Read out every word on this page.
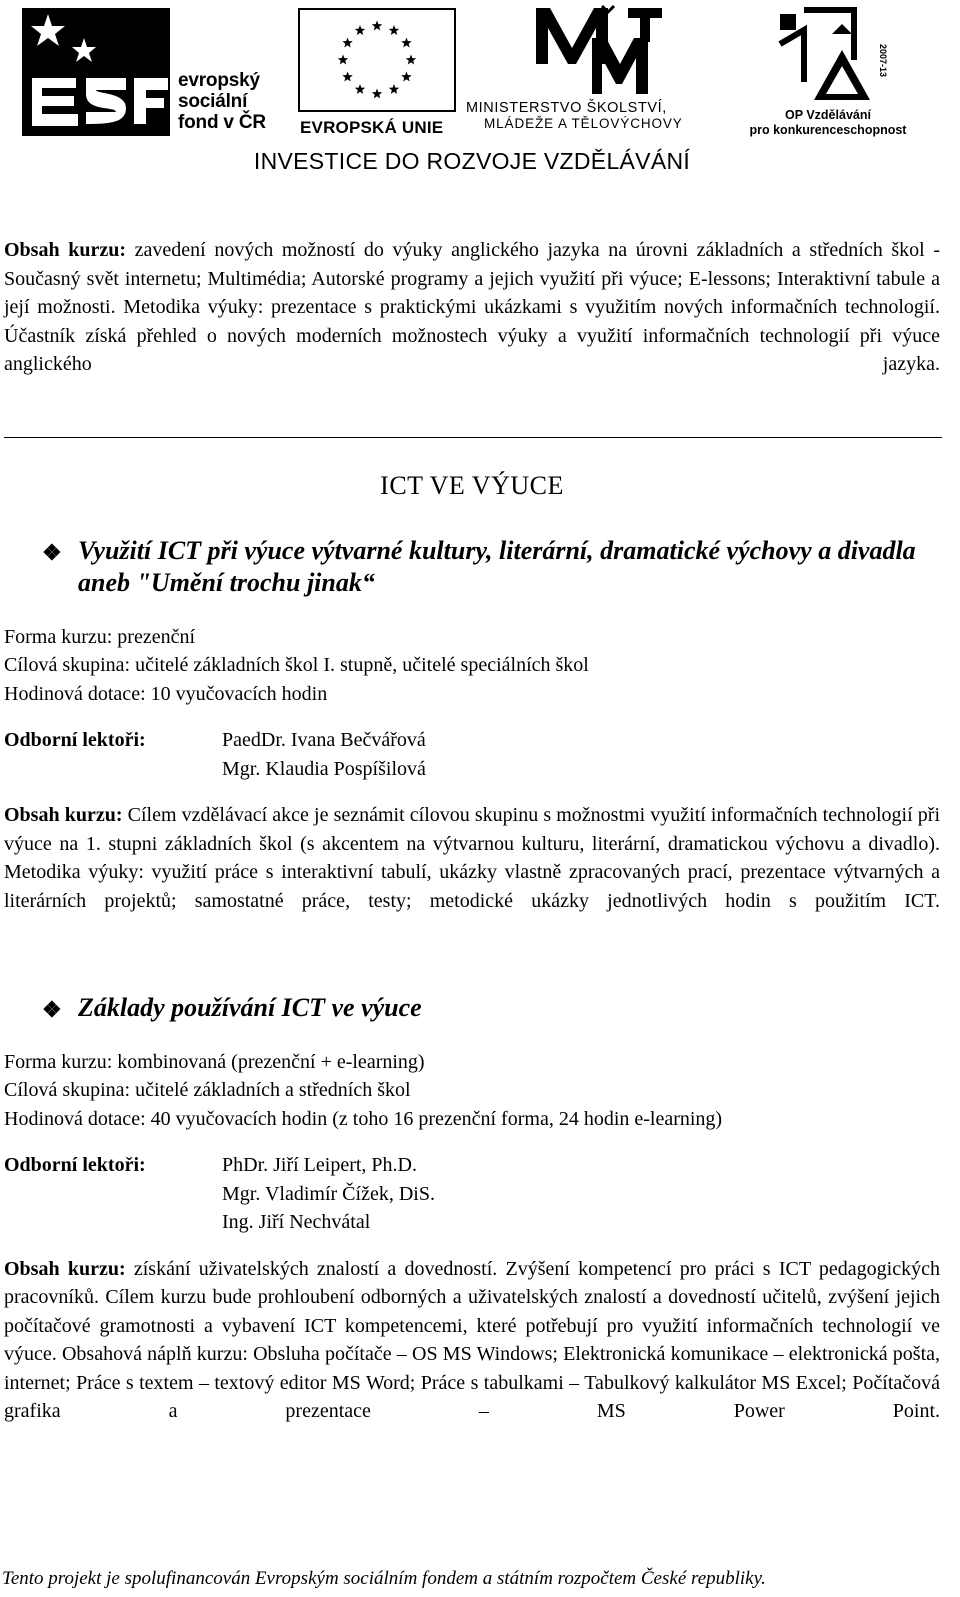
evropský
sociální
fond v ČR EVROPSKÁ UNIE
MINISTERSTVO ŠKOLSTVÍ,
MLÁDEŽE A TĚLOVÝCHOVY
2007-13
OP Vzdělávání
pro konkurenceschopnost
INVESTICE DO ROZVOJE VZDĚLÁVÁNÍ

Obsah kurzu: zavedení nových možností do výuky anglického jazyka na úrovni základních a středních škol - Současný svět internetu; Multimédia; Autorské programy a jejich využití při výuce; E-lessons; Interaktivní tabule a její možnosti. Metodika výuky: prezentace s praktickými ukázkami s využitím nových informačních technologií. Účastník získá přehled o nových moderních možnostech výuky a využití informačních technologií při výuce anglického jazyka.

ICT VE VÝUCE
❖ Využití ICT při výuce výtvarné kultury, literární, dramatické výchovy a divadla aneb "Umění trochu jinak“

Forma kurzu: prezenční

Cílová skupina: učitelé základních škol I. stupně, učitelé speciálních škol

Hodinová dotace: 10 vyučovacích hodin

Odborní lektoři:	PaedDr. Ivana Bečvářová

Mgr. Klaudia Pospíšilová

Obsah kurzu: Cílem vzdělávací akce je seznámit cílovou skupinu s možnostmi využití informačních technologií při výuce na 1. stupni základních škol (s akcentem na výtvarnou kulturu, literární, dramatickou výchovu a divadlo). Metodika výuky: využití práce s interaktivní tabulí, ukázky vlastně zpracovaných prací, prezentace výtvarných a literárních projektů; samostatné práce, testy; metodické ukázky jednotlivých hodin s použitím ICT.

❖ Základy používání ICT ve výuce

Forma kurzu: kombinovaná (prezenční + e-learning)

Cílová skupina: učitelé základních a středních škol

Hodinová dotace: 40 vyučovacích hodin (z toho 16 prezenční forma, 24 hodin e-learning)

Odborní lektoři:	PhDr. Jiří Leipert, Ph.D.

Mgr. Vladimír Čížek, DiS.

Ing. Jiří Nechvátal

Obsah kurzu: získání uživatelských znalostí a dovedností. Zvýšení kompetencí pro práci s ICT pedagogických pracovníků. Cílem kurzu bude prohloubení odborných a uživatelských znalostí a dovedností učitelů, zvýšení jejich počítačové gramotnosti a vybavení ICT kompetencemi, které potřebují pro využití informačních technologií ve výuce. Obsahová náplň kurzu: Obsluha počítače – OS MS Windows; Elektronická komunikace – elektronická pošta, internet; Práce s textem – textový editor MS Word; Práce s tabulkami – Tabulkový kalkulátor MS Excel; Počítačová grafika a prezentace – MS Power Point.

Tento projekt je spolufinancován Evropským sociálním fondem a státním rozpočtem České republiky.
